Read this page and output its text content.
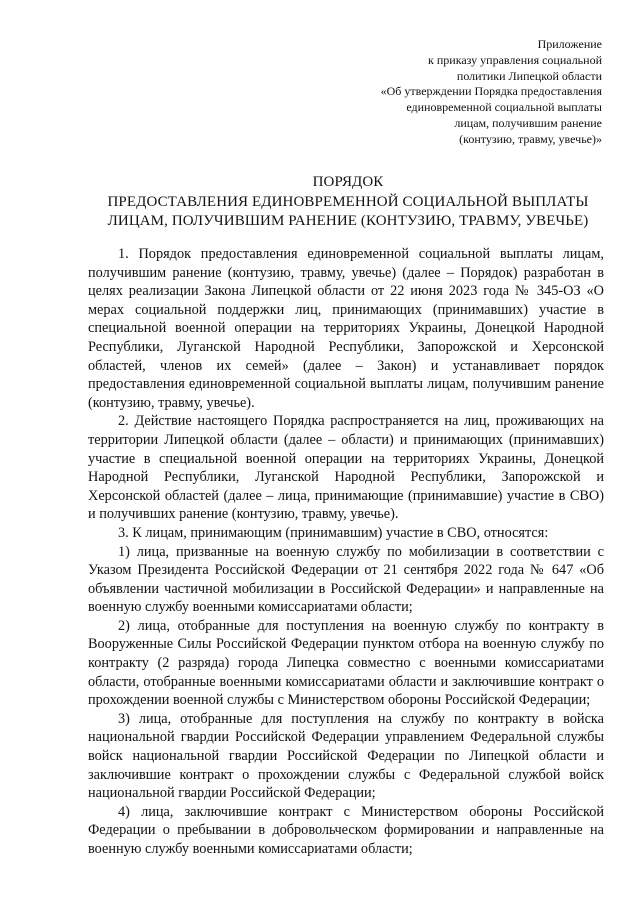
Приложение
к приказу управления социальной
политики Липецкой области
«Об утверждении Порядка предоставления
единовременной социальной выплаты
лицам, получившим ранение
(контузию, травму, увечье)»
ПОРЯДОК
ПРЕДОСТАВЛЕНИЯ ЕДИНОВРЕМЕННОЙ СОЦИАЛЬНОЙ ВЫПЛАТЫ
ЛИЦАМ, ПОЛУЧИВШИМ РАНЕНИЕ (КОНТУЗИЮ, ТРАВМУ, УВЕЧЬЕ)

1. Порядок предоставления единовременной социальной выплаты лицам, получившим ранение (контузию, травму, увечье) (далее – Порядок) разработан в целях реализации Закона Липецкой области от 22 июня 2023 года № 345-ОЗ «О мерах социальной поддержки лиц, принимающих (принимавших) участие в специальной военной операции на территориях Украины, Донецкой Народной Республики, Луганской Народной Республики, Запорожской и Херсонской областей, членов их семей» (далее – Закон) и устанавливает порядок предоставления единовременной социальной выплаты лицам, получившим ранение (контузию, травму, увечье).

2. Действие настоящего Порядка распространяется на лиц, проживающих на территории Липецкой области (далее – области) и принимающих (принимавших) участие в специальной военной операции на территориях Украины, Донецкой Народной Республики, Луганской Народной Республики, Запорожской и Херсонской областей (далее – лица, принимающие (принимавшие) участие в СВО) и получивших ранение (контузию, травму, увечье).

3. К лицам, принимающим (принимавшим) участие в СВО, относятся:

1) лица, призванные на военную службу по мобилизации в соответствии с Указом Президента Российской Федерации от 21 сентября 2022 года № 647 «Об объявлении частичной мобилизации в Российской Федерации» и направленные на военную службу военными комиссариатами области;

2) лица, отобранные для поступления на военную службу по контракту в Вооруженные Силы Российской Федерации пунктом отбора на военную службу по контракту (2 разряда) города Липецка совместно с военными комиссариатами области, отобранные военными комиссариатами области и заключившие контракт о прохождении военной службы с Министерством обороны Российской Федерации;

3) лица, отобранные для поступления на службу по контракту в войска национальной гвардии Российской Федерации управлением Федеральной службы войск национальной гвардии Российской Федерации по Липецкой области и заключившие контракт о прохождении службы с Федеральной службой войск национальной гвардии Российской Федерации;

4) лица, заключившие контракт с Министерством обороны Российской Федерации о пребывании в добровольческом формировании и направленные на военную службу военными комиссариатами области;
